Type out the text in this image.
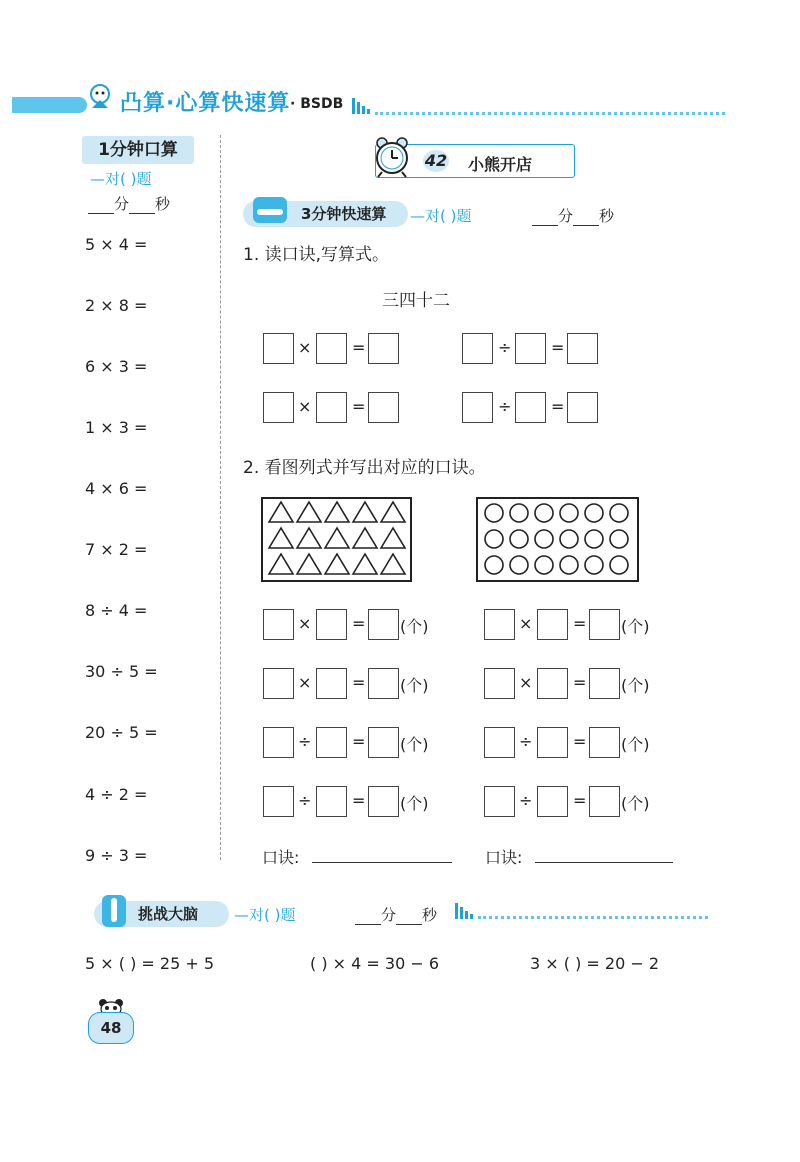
凸算·心算快速算 · BSDB
1分钟口算
—对( )题
分 秒
5 × 4 =
2 × 8 =
6 × 3 =
1 × 3 =
4 × 6 =
7 × 2 =
8 ÷ 4 =
30 ÷ 5 =
20 ÷ 5 =
4 ÷ 2 =
9 ÷ 3 =
42 小熊开店
3分钟快速算 —对( )题	分 秒
1. 读口诀,写算式。
三四十二
×	=	÷ =
×	=	÷ =
2. 看图列式并写出对应的口诀。
×	= (个)	×	= (个)
×	= (个)	×	= (个)
÷	= (个)	÷	= (个)
÷	= (个)	÷	= (个)
口诀:	口诀:
挑战大脑 —对( )题	分 秒
5 × ( ) = 25 + 5	( ) × 4 = 30 − 6	3 × ( ) = 20 − 2
48
